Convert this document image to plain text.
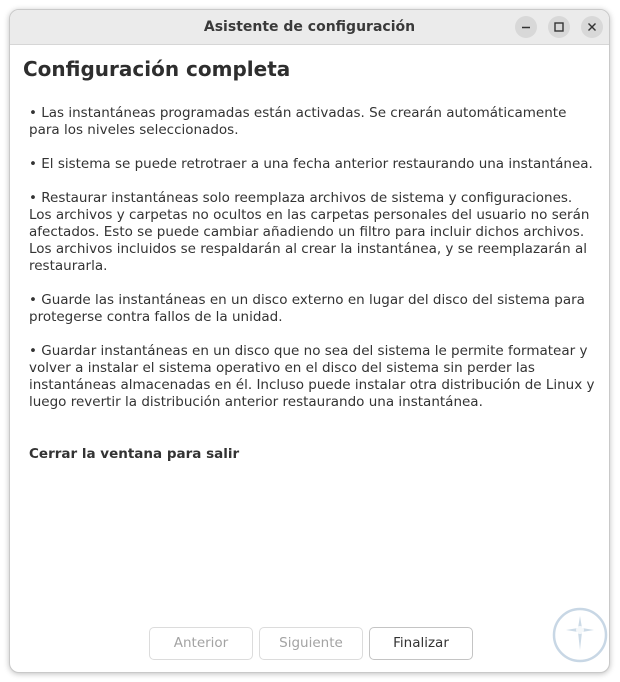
Asistente de configuración
Configuración completa

• Las instantáneas programadas están activadas. Se crearán automáticamente para los niveles seleccionados.

• El sistema se puede retrotraer a una fecha anterior restaurando una instantánea.

• Restaurar instantáneas solo reemplaza archivos de sistema y configuraciones. Los archivos y carpetas no ocultos en las carpetas personales del usuario no serán afectados. Esto se puede cambiar añadiendo un filtro para incluir dichos archivos. Los archivos incluidos se respaldarán al crear la instantánea, y se reemplazarán al restaurarla.

• Guarde las instantáneas en un disco externo en lugar del disco del sistema para protegerse contra fallos de la unidad.

• Guardar instantáneas en un disco que no sea del sistema le permite formatear y volver a instalar el sistema operativo en el disco del sistema sin perder las instantáneas almacenadas en él. Incluso puede instalar otra distribución de Linux y luego revertir la distribución anterior restaurando una instantánea.

Cerrar la ventana para salir
Anterior	Siguiente	Finalizar
